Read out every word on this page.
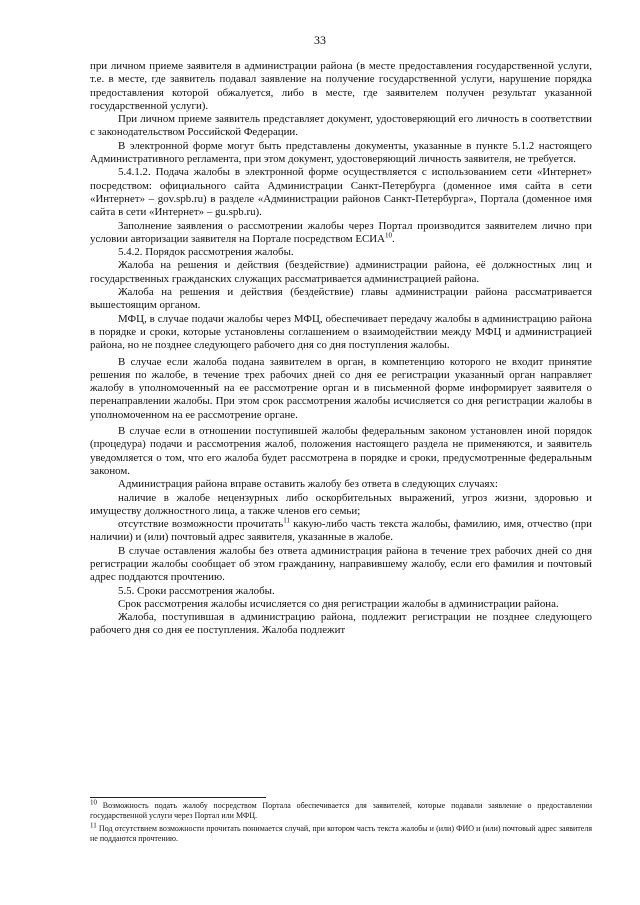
33

при личном приеме заявителя в администрации района (в месте предоставления государственной услуги, т.е. в месте, где заявитель подавал заявление на получение государственной услуги, нарушение порядка предоставления которой обжалуется, либо в месте, где заявителем получен результат указанной государственной услуги).

При личном приеме заявитель представляет документ, удостоверяющий его личность в соответствии с законодательством Российской Федерации.

В электронной форме могут быть представлены документы, указанные в пункте 5.1.2 настоящего Административного регламента, при этом документ, удостоверяющий личность заявителя, не требуется.

5.4.1.2. Подача жалобы в электронной форме осуществляется с использованием сети «Интернет» посредством: официального сайта Администрации Санкт-Петербурга (доменное имя сайта в сети «Интернет» – gov.spb.ru) в разделе «Администрации районов Санкт-Петербурга», Портала (доменное имя сайта в сети «Интернет» – gu.spb.ru).

Заполнение заявления о рассмотрении жалобы через Портал производится заявителем лично при условии авторизации заявителя на Портале посредством ЕСИА$^{10}$.

5.4.2. Порядок рассмотрения жалобы.

Жалоба на решения и действия (бездействие) администрации района, её должностных лиц и государственных гражданских служащих рассматривается администрацией района.

Жалоба на решения и действия (бездействие) главы администрации района рассматривается вышестоящим органом.

МФЦ, в случае подачи жалобы через МФЦ, обеспечивает передачу жалобы в администрацию района в порядке и сроки, которые установлены соглашением о взаимодействии между МФЦ и администрацией района, но не позднее следующего рабочего дня со дня поступления жалобы.

В случае если жалоба подана заявителем в орган, в компетенцию которого не входит принятие решения по жалобе, в течение трех рабочих дней со дня ее регистрации указанный орган направляет жалобу в уполномоченный на ее рассмотрение орган и в письменной форме информирует заявителя о перенаправлении жалобы. При этом срок рассмотрения жалобы исчисляется со дня регистрации жалобы в уполномоченном на ее рассмотрение органе.

В случае если в отношении поступившей жалобы федеральным законом установлен иной порядок (процедура) подачи и рассмотрения жалоб, положения настоящего раздела не применяются, и заявитель уведомляется о том, что его жалоба будет рассмотрена в порядке и сроки, предусмотренные федеральным законом.

Администрация района вправе оставить жалобу без ответа в следующих случаях:

наличие в жалобе нецензурных либо оскорбительных выражений, угроз жизни, здоровью и имуществу должностного лица, а также членов его семьи;

отсутствие возможности прочитать$^{11}$ какую-либо часть текста жалобы, фамилию, имя, отчество (при наличии) и (или) почтовый адрес заявителя, указанные в жалобе.

В случае оставления жалобы без ответа администрация района в течение трех рабочих дней со дня регистрации жалобы сообщает об этом гражданину, направившему жалобу, если его фамилия и почтовый адрес поддаются прочтению.

5.5. Сроки рассмотрения жалобы.

Срок рассмотрения жалобы исчисляется со дня регистрации жалобы в администрации района.

Жалоба, поступившая в администрацию района, подлежит регистрации не позднее следующего рабочего дня со дня ее поступления. Жалоба подлежит

$^{10}$ Возможность подать жалобу посредством Портала обеспечивается для заявителей, которые подавали заявление о предоставлении государственной услуги через Портал или МФЦ.

$^{11}$ Под отсутствием возможности прочитать понимается случай, при котором часть текста жалобы и (или) ФИО и (или) почтовый адрес заявителя не поддаются прочтению.
